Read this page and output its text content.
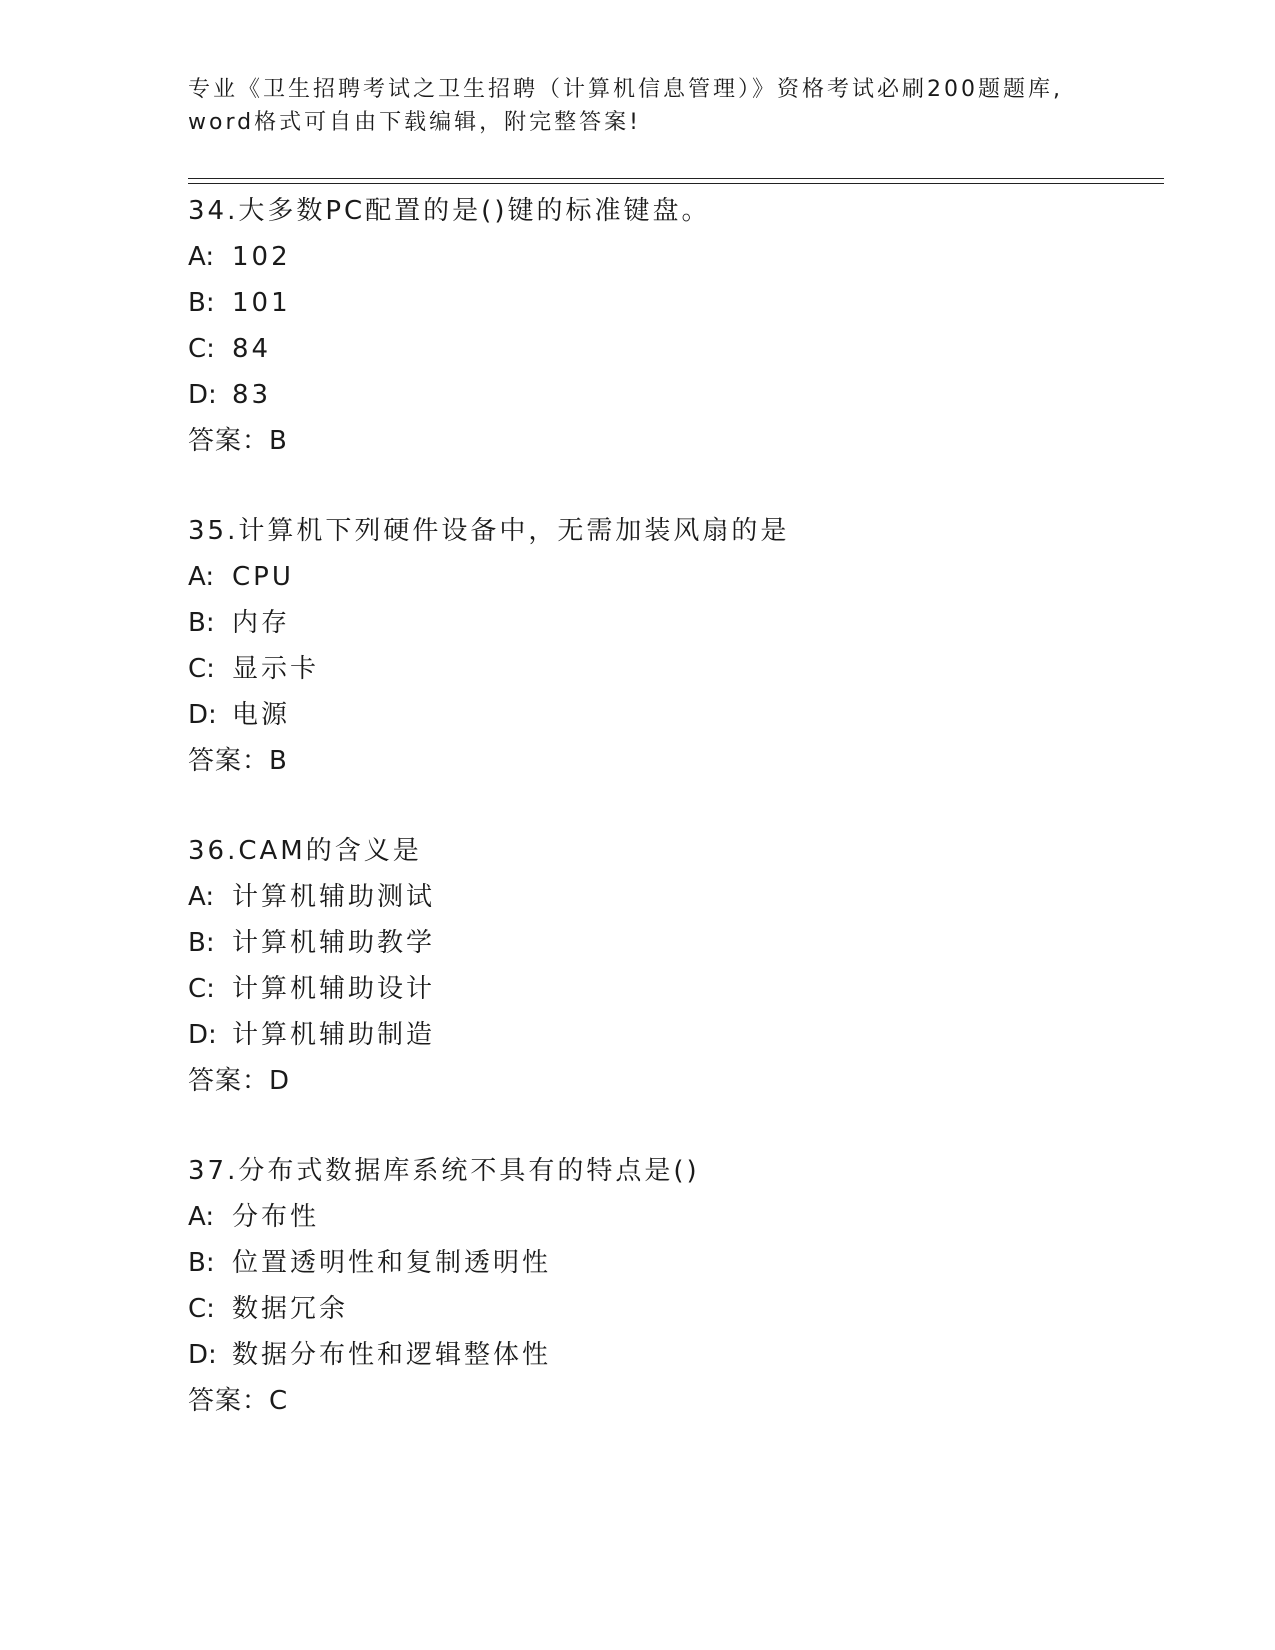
专业《卫生招聘考试之卫生招聘（计算机信息管理）》资格考试必刷200题题库,
word格式可自由下载编辑，附完整答案!
34.大多数PC配置的是()键的标准键盘。
A: 102
B: 101
C: 84
D: 83
答案：B
35.计算机下列硬件设备中，无需加装风扇的是
A: CPU
B: 内存
C: 显示卡
D: 电源
答案：B
36.CAM的含义是
A: 计算机辅助测试
B: 计算机辅助教学
C: 计算机辅助设计
D: 计算机辅助制造
答案：D
37.分布式数据库系统不具有的特点是()
A: 分布性
B: 位置透明性和复制透明性
C: 数据冗余
D: 数据分布性和逻辑整体性
答案：C
